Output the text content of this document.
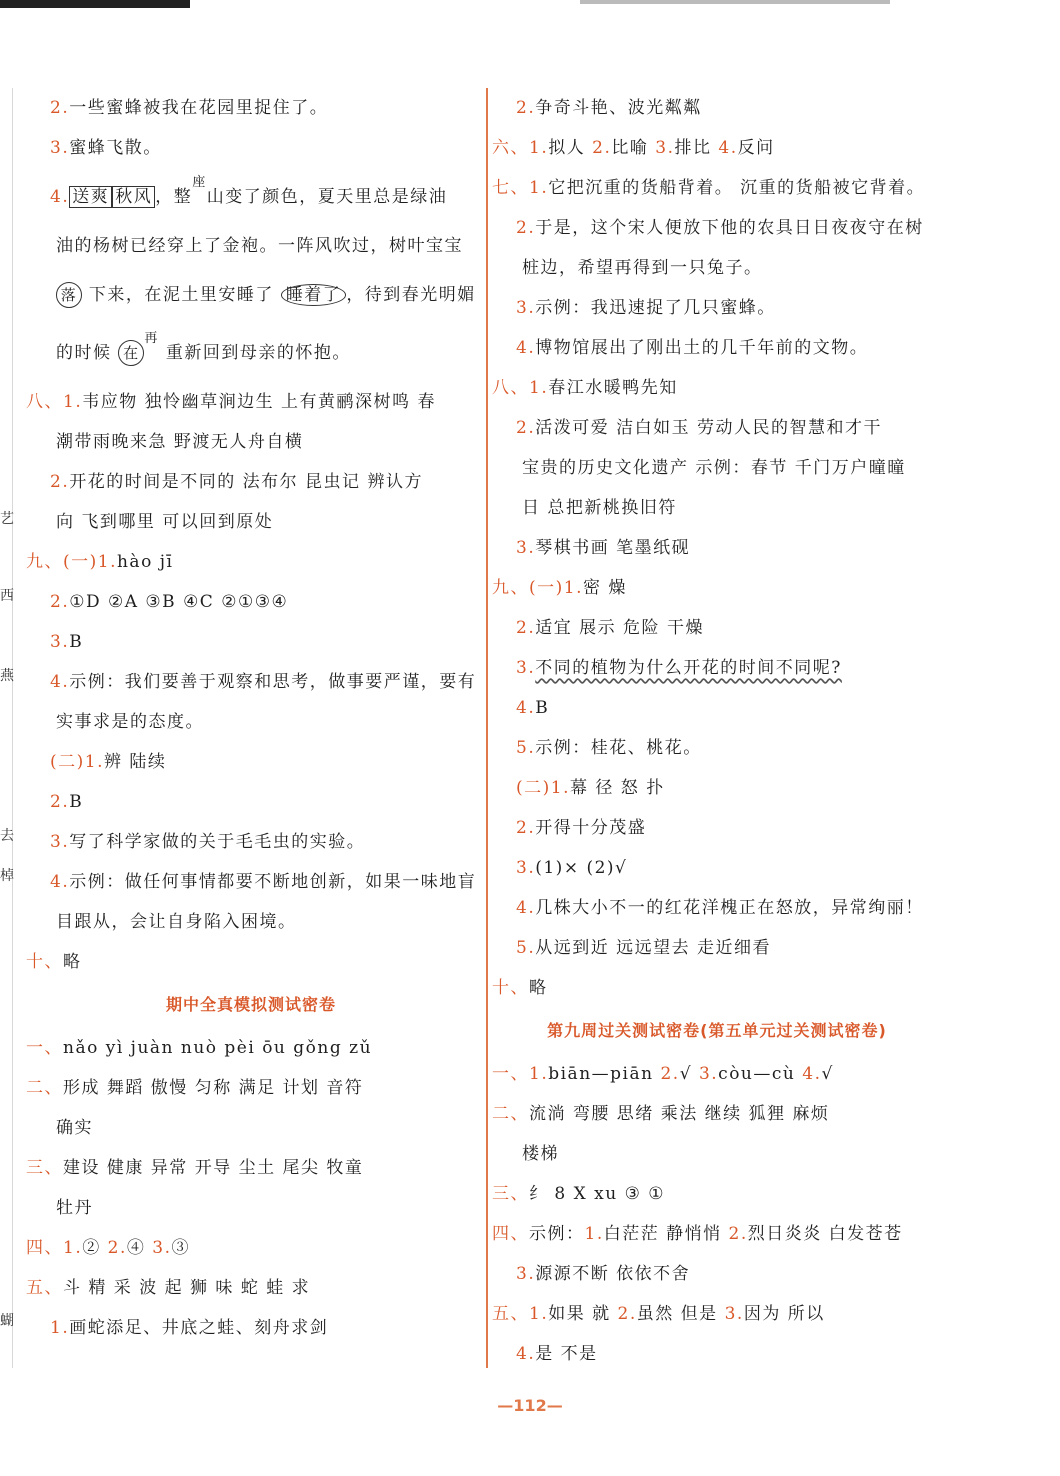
艺
西
燕
去
棹
蝴
2.一些蜜蜂被我在花园里捉住了。
3.蜜蜂飞散。
4. 送爽 秋风 ，整$^座$山变了颜色，夏天里总是绿油
油的杨树已经穿上了金袍。一阵风吹过，树叶宝宝
落 下来，在泥土里安睡了 睡着了 ，待到春光明媚
的时候 在$^再$ 重新回到母亲的怀抱。
八、1.韦应物 独怜幽草涧边生 上有黄鹂深树鸣 春
潮带雨晚来急 野渡无人舟自横
2.开花的时间是不同的 法布尔 昆虫记 辨认方
向 飞到哪里 可以回到原处
九、(一)1.hào jī
2.①D ②A ③B ④C ②①③④
3.B
4.示例：我们要善于观察和思考，做事要严谨，要有
实事求是的态度。
(二)1.辨 陆续
2.B
3.写了科学家做的关于毛毛虫的实验。
4.示例：做任何事情都要不断地创新，如果一味地盲
目跟从，会让自身陷入困境。
十、略
期中全真模拟测试密卷
一、nǎo yì juàn nuò pèi ōu gǒng zǔ
二、形成 舞蹈 傲慢 匀称 满足 计划 音符
确实
三、建设 健康 异常 开导 尘土 尾尖 牧童
牡丹
四、1.② 2.④ 3.③
五、斗 精 采 波 起 狮 味 蛇 蛙 求
1.画蛇添足、井底之蛙、刻舟求剑
2.争奇斗艳、波光粼粼
六、1.拟人 2.比喻 3.排比 4.反问
七、1.它把沉重的货船背着。 沉重的货船被它背着。
2.于是，这个宋人便放下他的农具日日夜夜守在树
桩边，希望再得到一只兔子。
3.示例：我迅速捉了几只蜜蜂。
4.博物馆展出了刚出土的几千年前的文物。
八、1.春江水暖鸭先知
2.活泼可爱 洁白如玉 劳动人民的智慧和才干
宝贵的历史文化遗产 示例：春节 千门万户曈曈
日 总把新桃换旧符
3.琴棋书画 笔墨纸砚
九、(一)1.密 燥
2.适宜 展示 危险 干燥
3.不同的植物为什么开花的时间不同呢?
4.B
5.示例：桂花、桃花。
(二)1.幕 径 怒 扑
2.开得十分茂盛
3.(1)× (2)√
4.几株大小不一的红花洋槐正在怒放，异常绚丽！
5.从远到近 远远望去 走近细看
十、略
第九周过关测试密卷(第五单元过关测试密卷)
一、1.biān—piān 2.√ 3.còu—cù 4.√
二、流淌 弯腰 思绪 乘法 继续 狐狸 麻烦
楼梯
三、纟 8 X xu ③ ①
四、示例：1.白茫茫 静悄悄 2.烈日炎炎 白发苍苍
3.源源不断 依依不舍
五、1.如果 就 2.虽然 但是 3.因为 所以
4.是 不是
—112—
